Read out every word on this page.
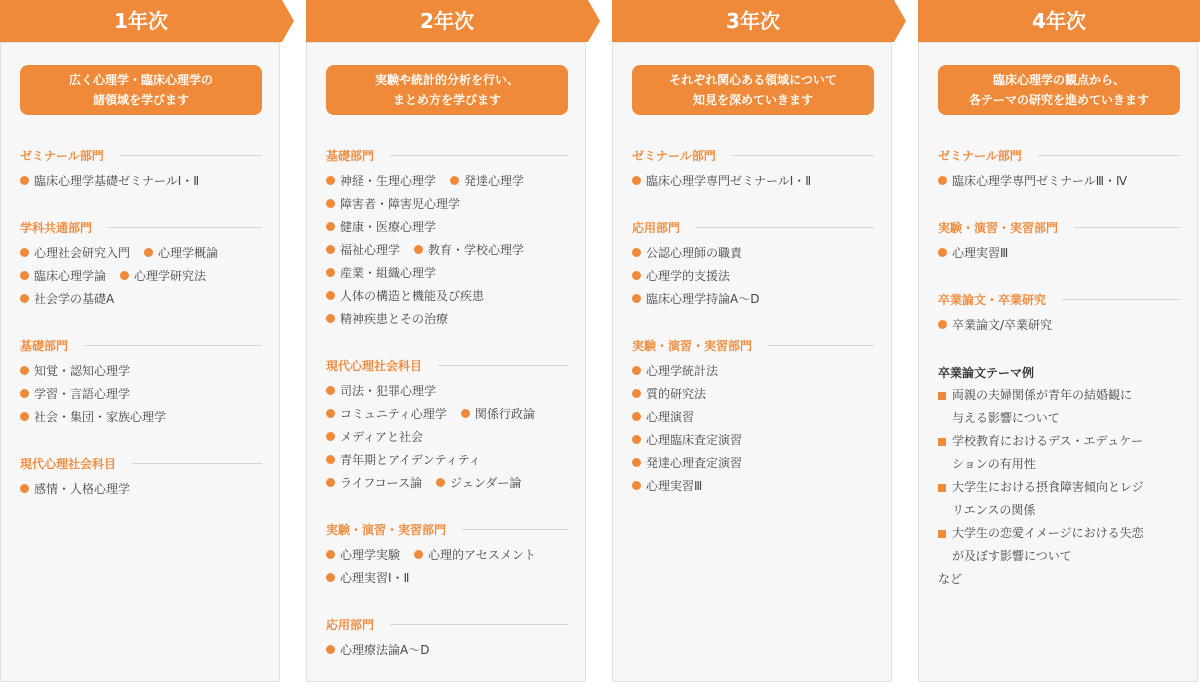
1年次
広く心理学・臨床心理学の
諸領域を学びます
ゼミナール部門
臨床心理学基礎ゼミナールⅠ・Ⅱ
学科共通部門
心理社会研究入門 心理学概論
臨床心理学論 心理学研究法
社会学の基礎A
基礎部門
知覚・認知心理学
学習・言語心理学
社会・集団・家族心理学
現代心理社会科目
感情・人格心理学
2年次
実験や統計的分析を行い、
まとめ方を学びます
基礎部門
神経・生理心理学 発達心理学
障害者・障害児心理学
健康・医療心理学
福祉心理学 教育・学校心理学
産業・組織心理学
人体の構造と機能及び疾患
精神疾患とその治療
現代心理社会科目
司法・犯罪心理学
コミュニティ心理学 関係行政論
メディアと社会
青年期とアイデンティティ
ライフコース論 ジェンダー論
実験・演習・実習部門
心理学実験 心理的アセスメント
心理実習Ⅰ・Ⅱ
応用部門
心理療法論A～D
3年次
それぞれ関心ある領域について
知見を深めていきます
ゼミナール部門
臨床心理学専門ゼミナールⅠ・Ⅱ
応用部門
公認心理師の職責
心理学的支援法
臨床心理学持論A～D
実験・演習・実習部門
心理学統計法
質的研究法
心理演習
心理臨床査定演習
発達心理査定演習
心理実習Ⅲ
4年次
臨床心理学の観点から、
各テーマの研究を進めていきます
ゼミナール部門
臨床心理学専門ゼミナールⅢ・Ⅳ
実験・演習・実習部門
心理実習Ⅲ
卒業論文・卒業研究
卒業論文/卒業研究
卒業論文テーマ例
両親の夫婦関係が青年の結婚観に
与える影響について
学校教育におけるデス・エデュケー
ションの有用性
大学生における摂食障害傾向とレジ
リエンスの関係
大学生の恋愛イメージにおける失恋
が及ぼす影響について
など
